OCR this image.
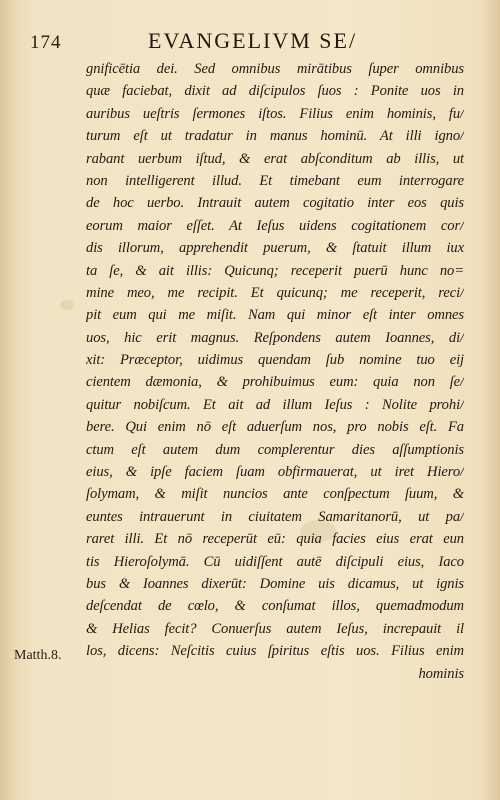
174	EVANGELIVM SE/
Matth.8.
gnificētia dei. Sed omnibus mirātibus ſuper omnibus
quæ faciebat, dixit ad diſcipulos ſuos : Ponite uos in
auribus ueſtris ſermones iſtos. Filius enim hominis, fu/
turum eſt ut tradatur in manus hominū. At illi igno/
rabant uerbum iſtud, & erat abſconditum ab illis, ut
non intelligerent illud. Et timebant eum interrogare
de hoc uerbo. Intrauit autem cogitatio inter eos quis
eorum maior eſſet. At Ieſus uidens cogitationem cor/
dis illorum, apprehendit puerum, & ſtatuit illum iux
ta ſe, & ait illis: Quicunq; receperit puerū hunc no=
mine meo, me recipit. Et quicunq; me receperit, reci/
pit eum qui me miſit. Nam qui minor eſt inter omnes
uos, hic erit magnus. Reſpondens autem Ioannes, di/
xit: Præceptor, uidimus quendam ſub nomine tuo eij
cientem dæmonia, & prohibuimus eum: quia non ſe/
quitur nobiſcum. Et ait ad illum Ieſus : Nolite prohi/
bere. Qui enim nō eſt aduerſum nos, pro nobis eſt. Fa
ctum eſt autem dum complerentur dies aſſumptionis
eius, & ipſe faciem ſuam obfirmauerat, ut iret Hiero/
ſolymam, & miſit nuncios ante conſpectum ſuum, &
euntes intrauerunt in ciuitatem Samaritanorū, ut pa/
raret illi. Et nō receperūt eū: quia facies eius erat eun
tis Hieroſolymā. Cū uidiſſent autē diſcipuli eius, Iaco
bus & Ioannes dixerūt: Domine uis dicamus, ut ignis
deſcendat de cœlo, & conſumat illos, quemadmodum
& Helias fecit? Conuerſus autem Ieſus, increpauit il
los, dicens: Neſcitis cuius ſpiritus eſtis uos. Filius enim
hominis
